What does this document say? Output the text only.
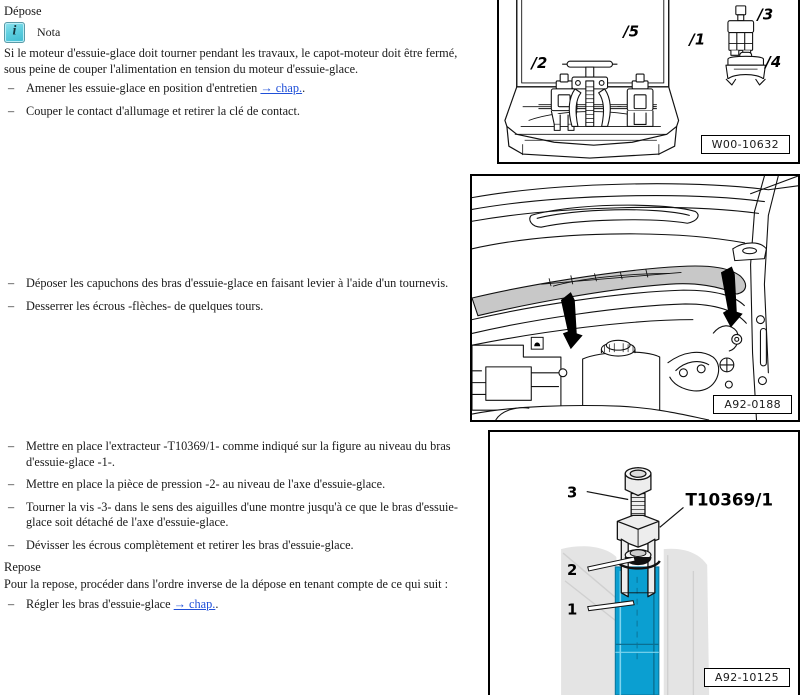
Dépose
i
Nota

Si le moteur d'essuie-glace doit tourner pendant les travaux, le capot-moteur doit être fermé, sous peine de couper l'alimentation en tension du moteur d'essuie-glace.

– Amener les essuie-glace en position d'entretien → chap..
– Couper le contact d'allumage et retirer la clé de contact.
– Déposer les capuchons des bras d'essuie-glace en faisant levier à l'aide d'un tournevis.
– Desserrer les écrous -flèches- de quelques tours.
– Mettre en place l'extracteur -T10369/1- comme indiqué sur la figure au niveau du bras d'essuie-glace -1-.
– Mettre en place la pièce de pression -2- au niveau de l'axe d'essuie-glace.
– Tourner la vis -3- dans le sens des aiguilles d'une montre jusqu'à ce que le bras d'essuie-glace soit détaché de l'axe d'essuie-glace.
– Dévisser les écrous complètement et retirer les bras d'essuie-glace.
Repose

Pour la repose, procéder dans l'ordre inverse de la dépose en tenant compte de ce qui suit :

– Régler les bras d'essuie-glace → chap..
/1
/2
/3
/4
/5
W00-10632
A92-0188
3
2
1
T10369/1
A92-10125
